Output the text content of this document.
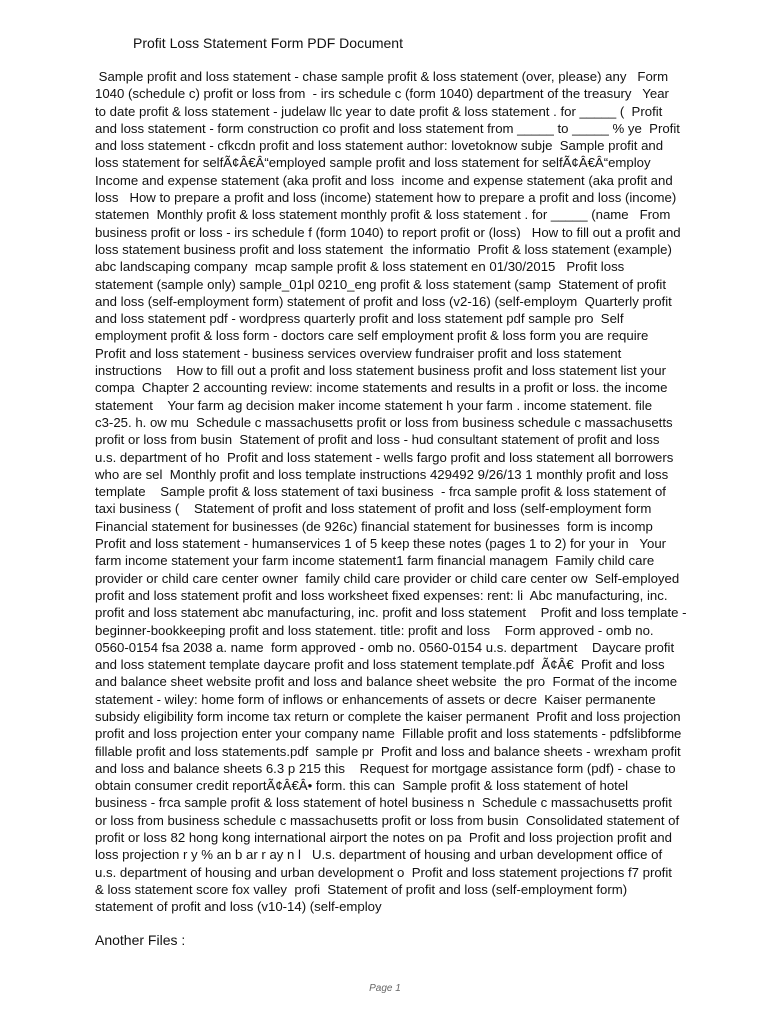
Profit Loss Statement Form PDF Document
Sample profit and loss statement - chase sample profit & loss statement (over, please) any   Form
1040 (schedule c) profit or loss from  - irs schedule c (form 1040) department of the treasury   Year
to date profit & loss statement - judelaw llc year to date profit & loss statement . for _____ (  Profit
and loss statement - form construction co profit and loss statement from _____ to _____ % ye  Profit
and loss statement - cfkcdn profit and loss statement author: lovetoknow subje  Sample profit and
loss statement for selfÃ¢Â€Â“employed sample profit and loss statement for selfÃ¢Â€Â“employ
Income and expense statement (aka profit and loss  income and expense statement (aka profit and
loss   How to prepare a profit and loss (income) statement how to prepare a profit and loss (income)
statemen  Monthly profit & loss statement monthly profit & loss statement . for _____ (name   From
business profit or loss - irs schedule f (form 1040) to report profit or (loss)   How to fill out a profit and
loss statement business profit and loss statement  the informatio  Profit & loss statement (example)
abc landscaping company  mcap sample profit & loss statement en 01/30/2015   Profit loss
statement (sample only) sample_01pl 0210_eng profit & loss statement (samp  Statement of profit
and loss (self-employment form) statement of profit and loss (v2-16) (self-employm  Quarterly profit
and loss statement pdf - wordpress quarterly profit and loss statement pdf sample pro  Self
employment profit & loss form - doctors care self employment profit & loss form you are require
Profit and loss statement - business services overview fundraiser profit and loss statement
instructions    How to fill out a profit and loss statement business profit and loss statement list your
compa  Chapter 2 accounting review: income statements and results in a profit or loss. the income
statement    Your farm ag decision maker income statement h your farm . income statement. file
c3-25. h. ow mu  Schedule c massachusetts profit or loss from business schedule c massachusetts
profit or loss from busin  Statement of profit and loss - hud consultant statement of profit and loss
u.s. department of ho  Profit and loss statement - wells fargo profit and loss statement all borrowers
who are sel  Monthly profit and loss template instructions 429492 9/26/13 1 monthly profit and loss
template    Sample profit & loss statement of taxi business  - frca sample profit & loss statement of
taxi business (    Statement of profit and loss statement of profit and loss (self-employment form
Financial statement for businesses (de 926c) financial statement for businesses  form is incomp
Profit and loss statement - humanservices 1 of 5 keep these notes (pages 1 to 2) for your in   Your
farm income statement your farm income statement1 farm financial managem  Family child care
provider or child care center owner  family child care provider or child care center ow  Self-employed
profit and loss statement profit and loss worksheet fixed expenses: rent: li  Abc manufacturing, inc.
profit and loss statement abc manufacturing, inc. profit and loss statement    Profit and loss template -
beginner-bookkeeping profit and loss statement. title: profit and loss    Form approved - omb no.
0560-0154 fsa 2038 a. name  form approved - omb no. 0560-0154 u.s. department    Daycare profit
and loss statement template daycare profit and loss statement template.pdf  Ã¢Â€  Profit and loss
and balance sheet website profit and loss and balance sheet website  the pro  Format of the income
statement - wiley: home form of inflows or enhancements of assets or decre  Kaiser permanente
subsidy eligibility form income tax return or complete the kaiser permanent  Profit and loss projection
profit and loss projection enter your company name  Fillable profit and loss statements - pdfslibforme
fillable profit and loss statements.pdf  sample pr  Profit and loss and balance sheets - wrexham profit
and loss and balance sheets 6.3 p 215 this    Request for mortgage assistance form (pdf) - chase to
obtain consumer credit reportÃ¢Â€Â• form. this can  Sample profit & loss statement of hotel
business - frca sample profit & loss statement of hotel business n  Schedule c massachusetts profit
or loss from business schedule c massachusetts profit or loss from busin  Consolidated statement of
profit or loss 82 hong kong international airport the notes on pa  Profit and loss projection profit and
loss projection r y % an b ar r ay n l   U.s. department of housing and urban development office of
u.s. department of housing and urban development o  Profit and loss statement projections f7 profit
& loss statement score fox valley  profi  Statement of profit and loss (self-employment form)
statement of profit and loss (v10-14) (self-employ
Another Files :
Page 1
